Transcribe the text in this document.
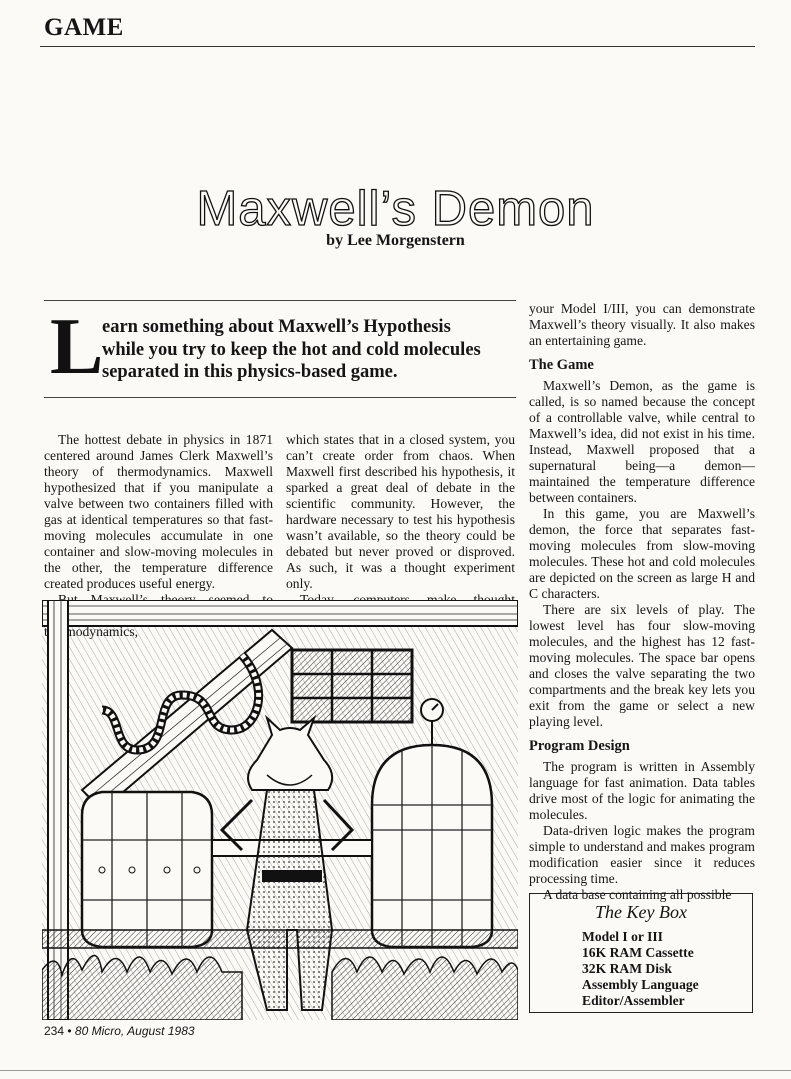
GAME
Maxwell’s Demon
by Lee Morgenstern
L
earn something about Maxwell’s Hypothesis
while you try to keep the hot and cold molecules
separated in this physics-based game.

The hottest debate in physics in 1871 centered around James Clerk Maxwell’s theory of thermodynamics. Maxwell hypothesized that if you manipulate a valve between two containers filled with gas at identical temperatures so that fast-moving molecules accumulate in one container and slow-moving molecules in the other, the temperature difference created produces useful energy.

which states that in a closed system, you can’t create order from chaos. When Maxwell first described his hypothesis, it sparked a great deal of debate in the scientific community. However, the hardware necessary to test his hypothesis wasn’t available, so the theory could be debated but never proved or disproved. As such, it was a thought experiment only.

your Model I/III, you can demonstrate Maxwell’s theory visually. It also makes an entertaining game.

The Game

Maxwell’s Demon, as the game is called, is so named because the concept of a controllable valve, while central to Maxwell’s idea, did not exist in his time. Instead, Maxwell proposed that a supernatural being—a demon—maintained the temperature difference between containers.

In this game, you are Maxwell’s demon, the force that separates fast-moving molecules from slow-moving molecules. These hot and cold molecules are depicted on the screen as large H and C characters.

There are six levels of play. The lowest level has four slow-moving molecules, and the highest has 12 fast-moving molecules. The space bar opens and closes the valve separating the two compartments and the break key lets you exit from the game or select a new playing level.

Program Design

The program is written in Assembly language for fast animation. Data tables drive most of the logic for animating the molecules.

Data-driven logic makes the program simple to understand and makes program modification easier since it reduces processing time.

A data base containing all possible

The Key Box
Model I or III
16K RAM Cassette
32K RAM Disk
Assembly Language
Editor/Assembler
234 • 80 Micro, August 1983
